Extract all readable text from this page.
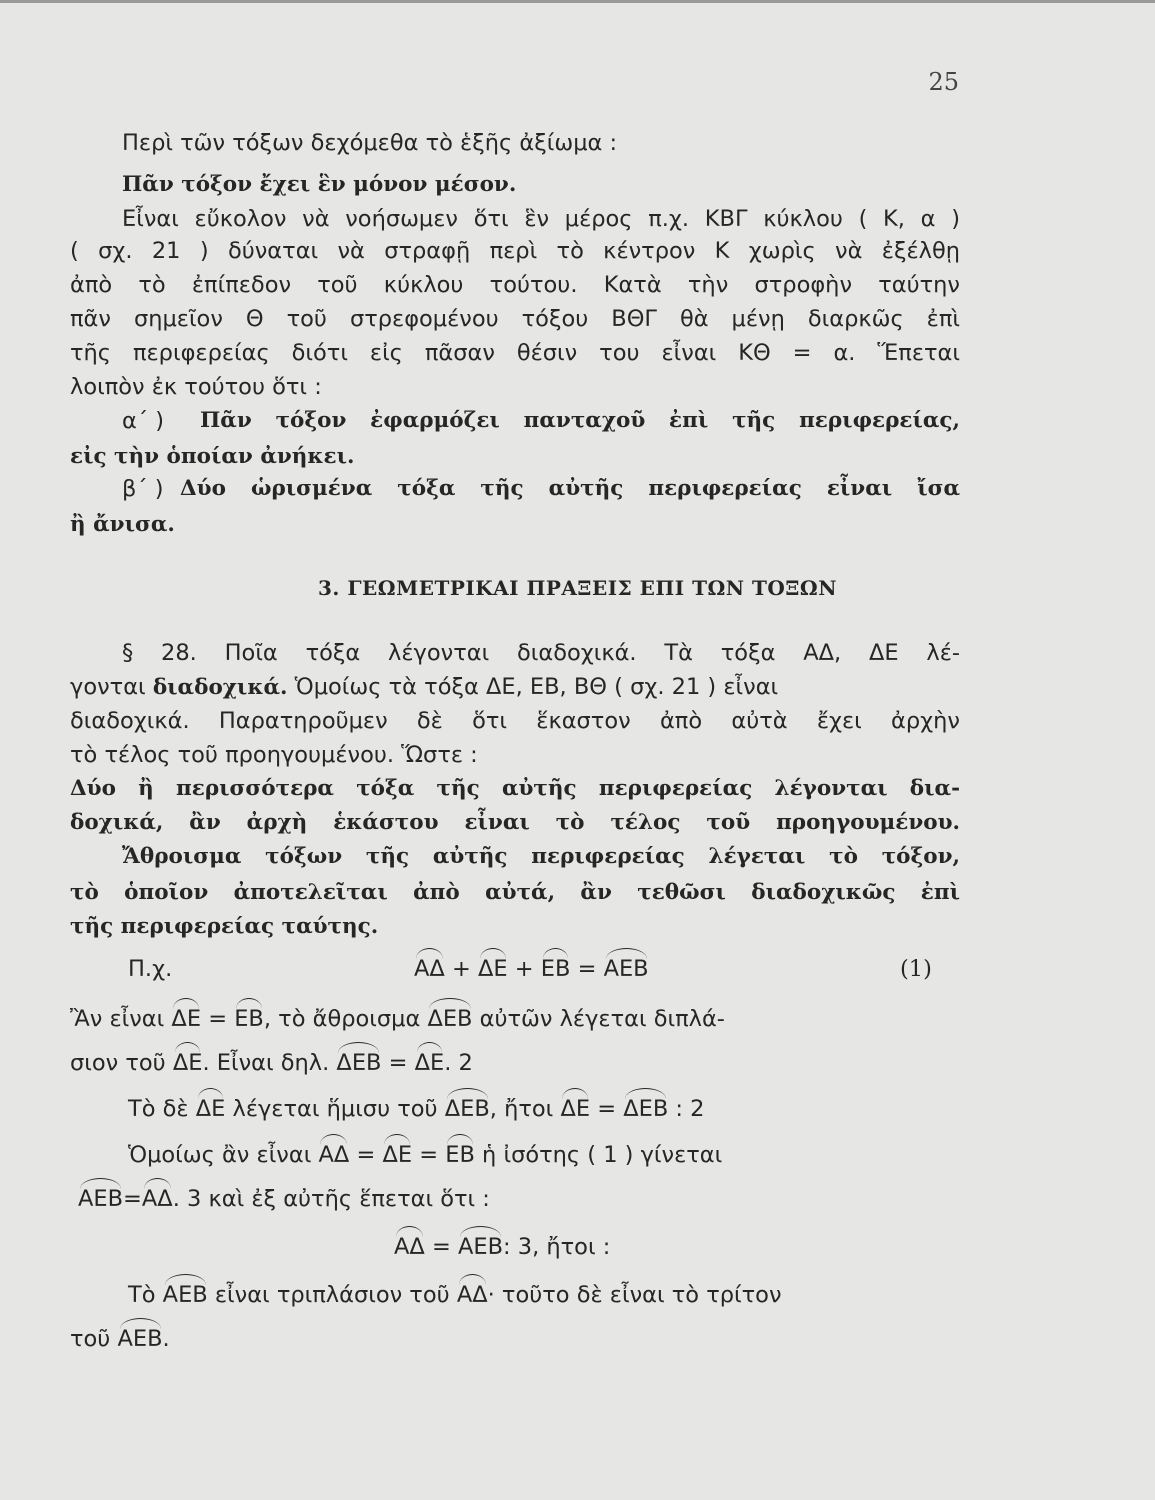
25
Περὶ τῶν τόξων δεχόμεθα τὸ ἑξῆς ἀξίωμα :
Πᾶν τόξον ἔχει ἓν μόνον μέσον.
Εἶναι εὔκολον νὰ νοήσωμεν ὅτι ἓν μέρος π.χ. ΚΒΓ κύκλου ( Κ, α )
( σχ. 21 ) δύναται νὰ στραφῇ περὶ τὸ κέντρον Κ χωρὶς νὰ ἐξέλθῃ
ἀπὸ τὸ ἐπίπεδον τοῦ κύκλου τούτου. Κατὰ τὴν στροφὴν ταύτην
πᾶν σημεῖον Θ τοῦ στρεφομένου τόξου ΒΘΓ θὰ μένῃ διαρκῶς ἐπὶ
τῆς περιφερείας διότι εἰς πᾶσαν θέσιν του εἶναι ΚΘ = α. Ἕπεται
λοιπὸν ἐκ τούτου ὅτι :
α΄ )	Πᾶν τόξον ἐφαρμόζει πανταχοῦ ἐπὶ τῆς περιφερείας,
εἰς τὴν ὁποίαν ἀνήκει.
β΄ ) Δύο ὡρισμένα τόξα τῆς αὐτῆς περιφερείας εἶναι ἴσα
ἢ ἄνισα.
3. ΓΕΩΜΕΤΡΙΚΑΙ ΠΡΑΞΕΙΣ ΕΠΙ ΤΩΝ ΤΟΞΩΝ
§ 28. Ποῖα τόξα λέγονται διαδοχικά. Τὰ τόξα ΑΔ, ΔΕ λέ-
γονται διαδοχικά. Ὁμοίως τὰ τόξα ΔΕ, ΕΒ, ΒΘ ( σχ. 21 ) εἶναι
διαδοχικά. Παρατηροῦμεν δὲ ὅτι ἕκαστον ἀπὸ αὐτὰ ἔχει ἀρχὴν
τὸ τέλος τοῦ προηγουμένου. Ὥστε :
Δύο ἢ περισσότερα τόξα τῆς αὐτῆς περιφερείας λέγονται δια-
δοχικά, ἂν ἀρχὴ ἑκάστου εἶναι τὸ τέλος τοῦ προηγουμένου.
Ἄθροισμα τόξων τῆς αὐτῆς περιφερείας λέγεται τὸ τόξον,
τὸ ὁποῖον ἀποτελεῖται ἀπὸ αὐτά, ἂν τεθῶσι διαδοχικῶς ἐπὶ
τῆς περιφερείας ταύτης.
Π.χ.	ΑΔ + ΔΕ + ΕΒ = ΑΕΒ	(1)
Ἂν εἶναι ΔΕ = ΕΒ, τὸ ἄθροισμα ΔΕΒ αὐτῶν λέγεται διπλά-
σιον τοῦ ΔΕ. Εἶναι δηλ. ΔΕΒ = ΔΕ. 2
Τὸ δὲ ΔΕ λέγεται ἥμισυ τοῦ ΔΕΒ, ἤτοι ΔΕ = ΔΕΒ : 2
Ὁμοίως ἂν εἶναι ΑΔ = ΔΕ = ΕΒ ἡ ἰσότης ( 1 ) γίνεται
ΑΕΒ=ΑΔ. 3 καὶ ἐξ αὐτῆς ἕπεται ὅτι :
ΑΔ = ΑΕΒ: 3, ἤτοι :
Τὸ ΑΕΒ εἶναι τριπλάσιον τοῦ ΑΔ· τοῦτο δὲ εἶναι τὸ τρίτον
τοῦ ΑΕΒ.
